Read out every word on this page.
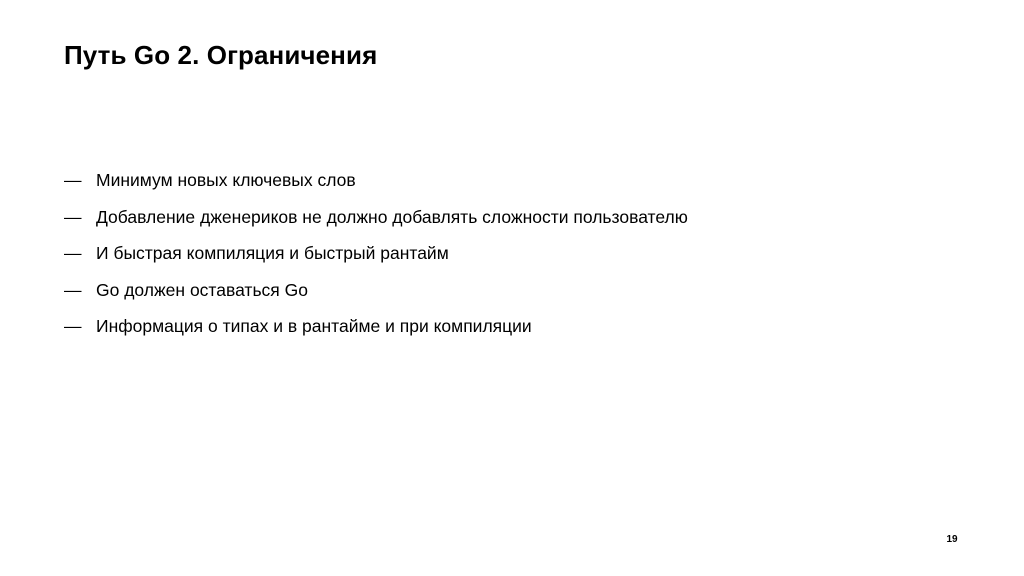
Путь Go 2. Ограничения
— Минимум новых ключевых слов
— Добавление дженериков не должно добавлять сложности пользователю
— И быстрая компиляция и быстрый рантайм
— Go должен оставаться Go
— Информация о типах и в рантайме и при компиляции
19
